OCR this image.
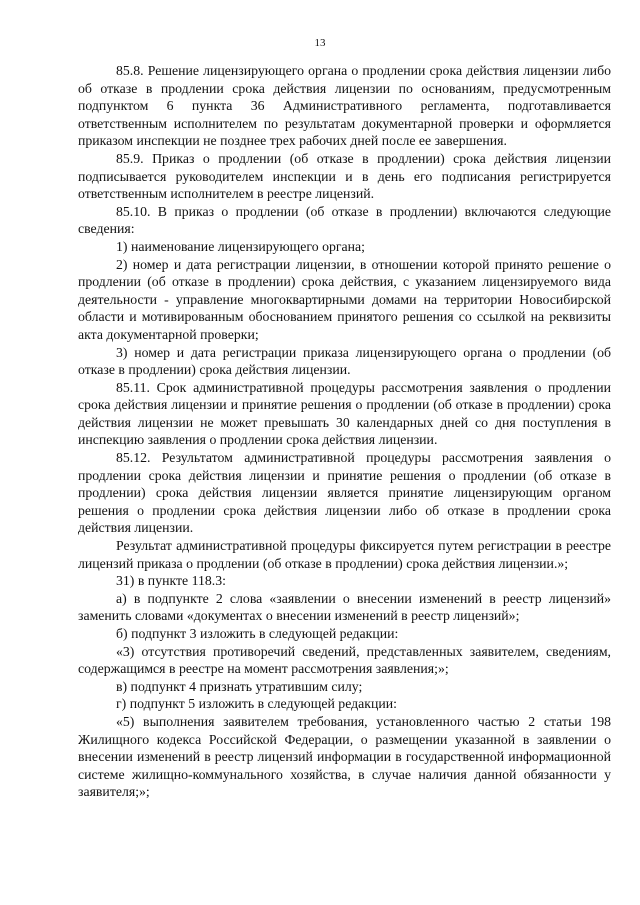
13

85.8. Решение лицензирующего органа о продлении срока действия лицензии либо об отказе в продлении срока действия лицензии по основаниям, предусмотренным подпунктом 6 пункта 36 Административного регламента, подготавливается ответственным исполнителем по результатам документарной проверки и оформляется приказом инспекции не позднее трех рабочих дней после ее завершения.

85.9. Приказ о продлении (об отказе в продлении) срока действия лицензии подписывается руководителем инспекции и в день его подписания регистрируется ответственным исполнителем в реестре лицензий.

85.10. В приказ о продлении (об отказе в продлении) включаются следующие сведения:

1) наименование лицензирующего органа;

2) номер и дата регистрации лицензии, в отношении которой принято решение о продлении (об отказе в продлении) срока действия, с указанием лицензируемого вида деятельности - управление многоквартирными домами на территории Новосибирской области и мотивированным обоснованием принятого решения со ссылкой на реквизиты акта документарной проверки;

3) номер и дата регистрации приказа лицензирующего органа о продлении (об отказе в продлении) срока действия лицензии.

85.11. Срок административной процедуры рассмотрения заявления о продлении срока действия лицензии и принятие решения о продлении (об отказе в продлении) срока действия лицензии не может превышать 30 календарных дней со дня поступления в инспекцию заявления о продлении срока действия лицензии.

85.12. Результатом административной процедуры рассмотрения заявления о продлении срока действия лицензии и принятие решения о продлении (об отказе в продлении) срока действия лицензии является принятие лицензирующим органом решения о продлении срока действия лицензии либо об отказе в продлении срока действия лицензии.

Результат административной процедуры фиксируется путем регистрации в реестре лицензий приказа о продлении (об отказе в продлении) срока действия лицензии.»;

31) в пункте 118.3:

а) в подпункте 2 слова «заявлении о внесении изменений в реестр лицензий» заменить словами «документах о внесении изменений в реестр лицензий»;

б) подпункт 3 изложить в следующей редакции:

«3) отсутствия противоречий сведений, представленных заявителем, сведениям, содержащимся в реестре на момент рассмотрения заявления;»;

в) подпункт 4 признать утратившим силу;

г) подпункт 5 изложить в следующей редакции:

«5) выполнения заявителем требования, установленного частью 2 статьи 198 Жилищного кодекса Российской Федерации, о размещении указанной в заявлении о внесении изменений в реестр лицензий информации в государственной информационной системе жилищно-коммунального хозяйства, в случае наличия данной обязанности у заявителя;»;
